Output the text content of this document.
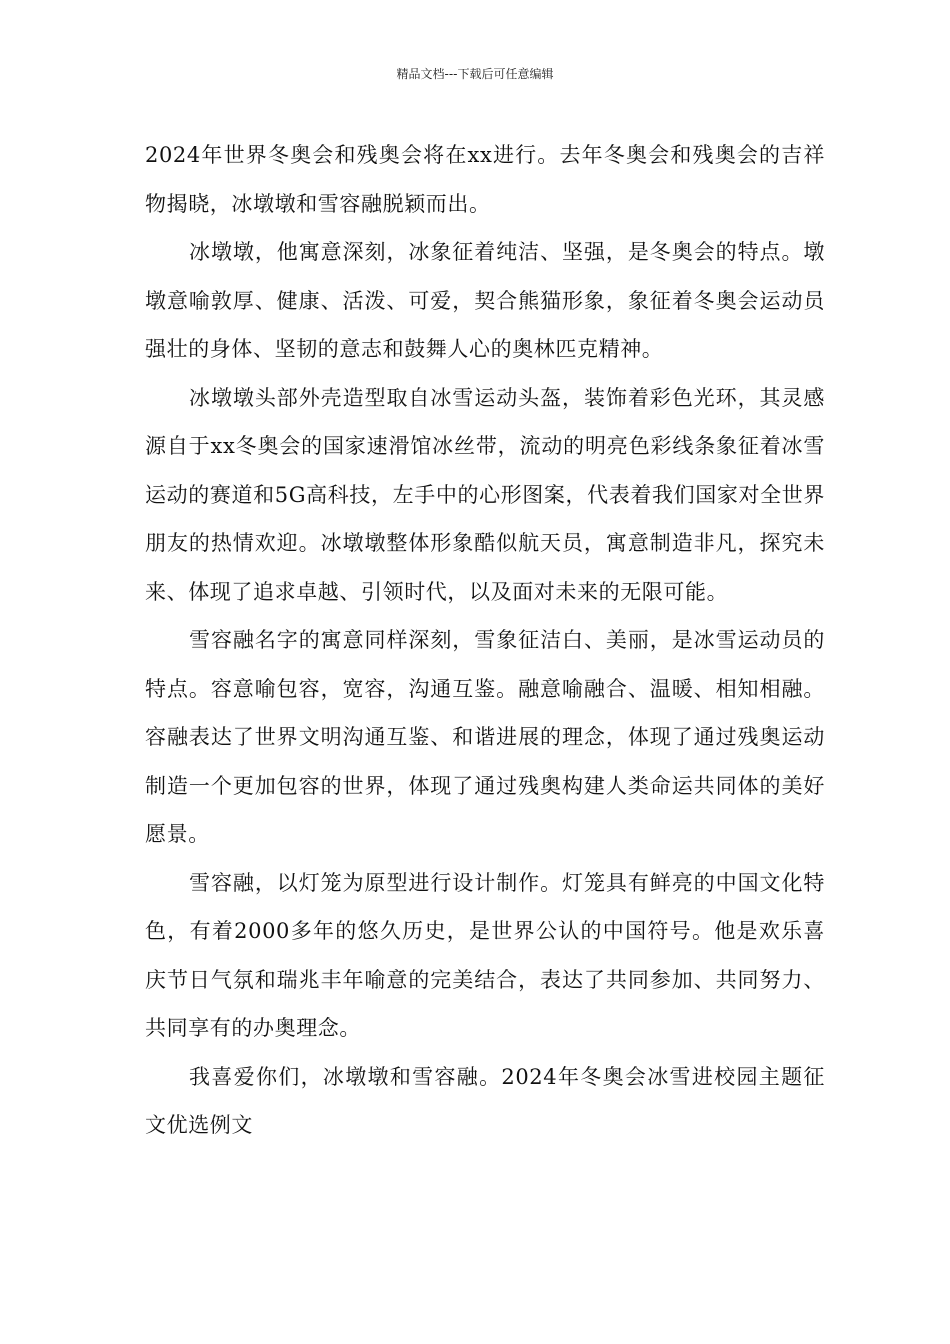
精品文档---下载后可任意编辑

2024年世界冬奥会和残奥会将在xx进行。去年冬奥会和残奥会的吉祥物揭晓，冰墩墩和雪容融脱颖而出。

冰墩墩，他寓意深刻，冰象征着纯洁、坚强，是冬奥会的特点。墩墩意喻敦厚、健康、活泼、可爱，契合熊猫形象，象征着冬奥会运动员强壮的身体、坚韧的意志和鼓舞人心的奥林匹克精神。

冰墩墩头部外壳造型取自冰雪运动头盔，装饰着彩色光环，其灵感源自于xx冬奥会的国家速滑馆冰丝带，流动的明亮色彩线条象征着冰雪运动的赛道和5G高科技，左手中的心形图案，代表着我们国家对全世界朋友的热情欢迎。冰墩墩整体形象酷似航天员，寓意制造非凡，探究未来、体现了追求卓越、引领时代，以及面对未来的无限可能。

雪容融名字的寓意同样深刻，雪象征洁白、美丽，是冰雪运动员的特点。容意喻包容，宽容，沟通互鉴。融意喻融合、温暖、相知相融。容融表达了世界文明沟通互鉴、和谐进展的理念，体现了通过残奥运动制造一个更加包容的世界，体现了通过残奥构建人类命运共同体的美好愿景。

雪容融，以灯笼为原型进行设计制作。灯笼具有鲜亮的中国文化特色，有着2000多年的悠久历史，是世界公认的中国符号。他是欢乐喜庆节日气氛和瑞兆丰年喻意的完美结合，表达了共同参加、共同努力、共同享有的办奥理念。

我喜爱你们，冰墩墩和雪容融。2024年冬奥会冰雪进校园主题征文优选例文
